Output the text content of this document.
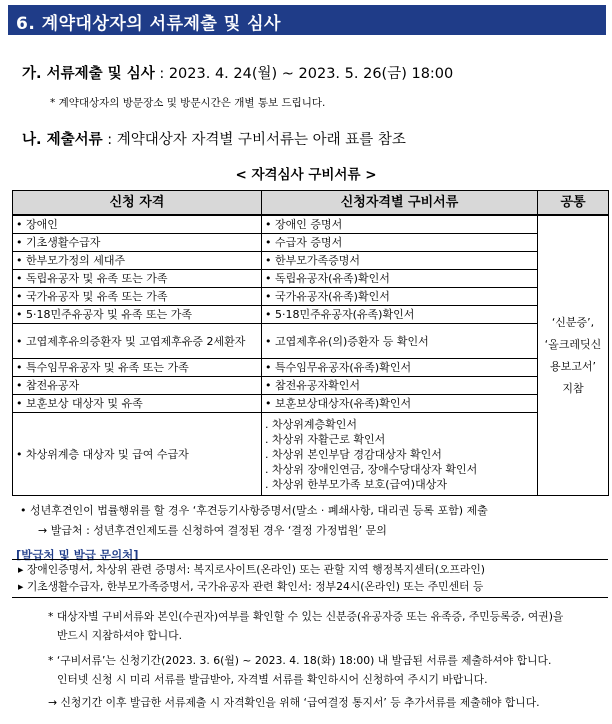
6. 계약대상자의 서류제출 및 심사
가. 서류제출 및 심사 : 2023. 4. 24(월) ~ 2023. 5. 26(금) 18:00
* 계약대상자의 방문장소 및 방문시간은 개별 통보 드립니다.
나. 제출서류 : 계약대상자 자격별 구비서류는 아래 표를 참조
< 자격심사 구비서류 >
신청 자격	신청자격별 구비서류	공통
• 장애인	• 장애인 증명서	‘신분증’,
‘올크레딧신
용보고서’
지참

• 기초생활수급자	• 수급자 증명서
• 한부모가정의 세대주	• 한부모가족증명서
• 독립유공자 및 유족 또는 가족	• 독립유공자(유족)확인서
• 국가유공자 및 유족 또는 가족	• 국가유공자(유족)확인서
• 5·18민주유공자 및 유족 또는 가족	• 5·18민주유공자(유족)확인서
• 고엽제후유의증환자 및 고엽제후유증 2세환자	• 고엽제후유(의)증환자 등 확인서
• 특수임무유공자 및 유족 또는 가족	• 특수임무유공자(유족)확인서
• 참전유공자	• 참전유공자확인서
• 보훈보상 대상자 및 유족	• 보훈보상대상자(유족)확인서
• 차상위계층 대상자 및 급여 수급자	. 차상위계층확인서
. 차상위 자활근로 확인서
. 차상위 본인부담 경감대상자 확인서
. 차상위 장애인연금, 장애수당대상자 확인서
. 차상위 한부모가족 보호(급여)대상자
• 성년후견인이 법률행위를 할 경우 ‘후견등기사항증명서(말소 · 폐쇄사항, 대리권 등록 포함) 제출
→ 발급처 : 성년후견인제도를 신청하여 결정된 경우 ‘결정 가정법원’ 문의
[발급처 및 발급 문의처]
▸ 장애인증명서, 차상위 관련 증명서: 복지로사이트(온라인) 또는 관할 지역 행정복지센터(오프라인)
▸ 기초생활수급자, 한부모가족증명서, 국가유공자 관련 확인서: 정부24시(온라인) 또는 주민센터 등
* 대상자별 구비서류와 본인(수권자)여부를 확인할 수 있는 신분증(유공자증 또는 유족증, 주민등록증, 여권)을
반드시 지참하셔야 합니다.
* ‘구비서류’는 신청기간(2023. 3. 6(월) ~ 2023. 4. 18(화) 18:00) 내 발급된 서류를 제출하셔야 합니다.
인터넷 신청 시 미리 서류를 발급받아, 자격별 서류를 확인하시어 신청하여 주시기 바랍니다.
→ 신청기간 이후 발급한 서류제출 시 자격확인을 위해 ‘급여결정 통지서’ 등 추가서류를 제출해야 합니다.
